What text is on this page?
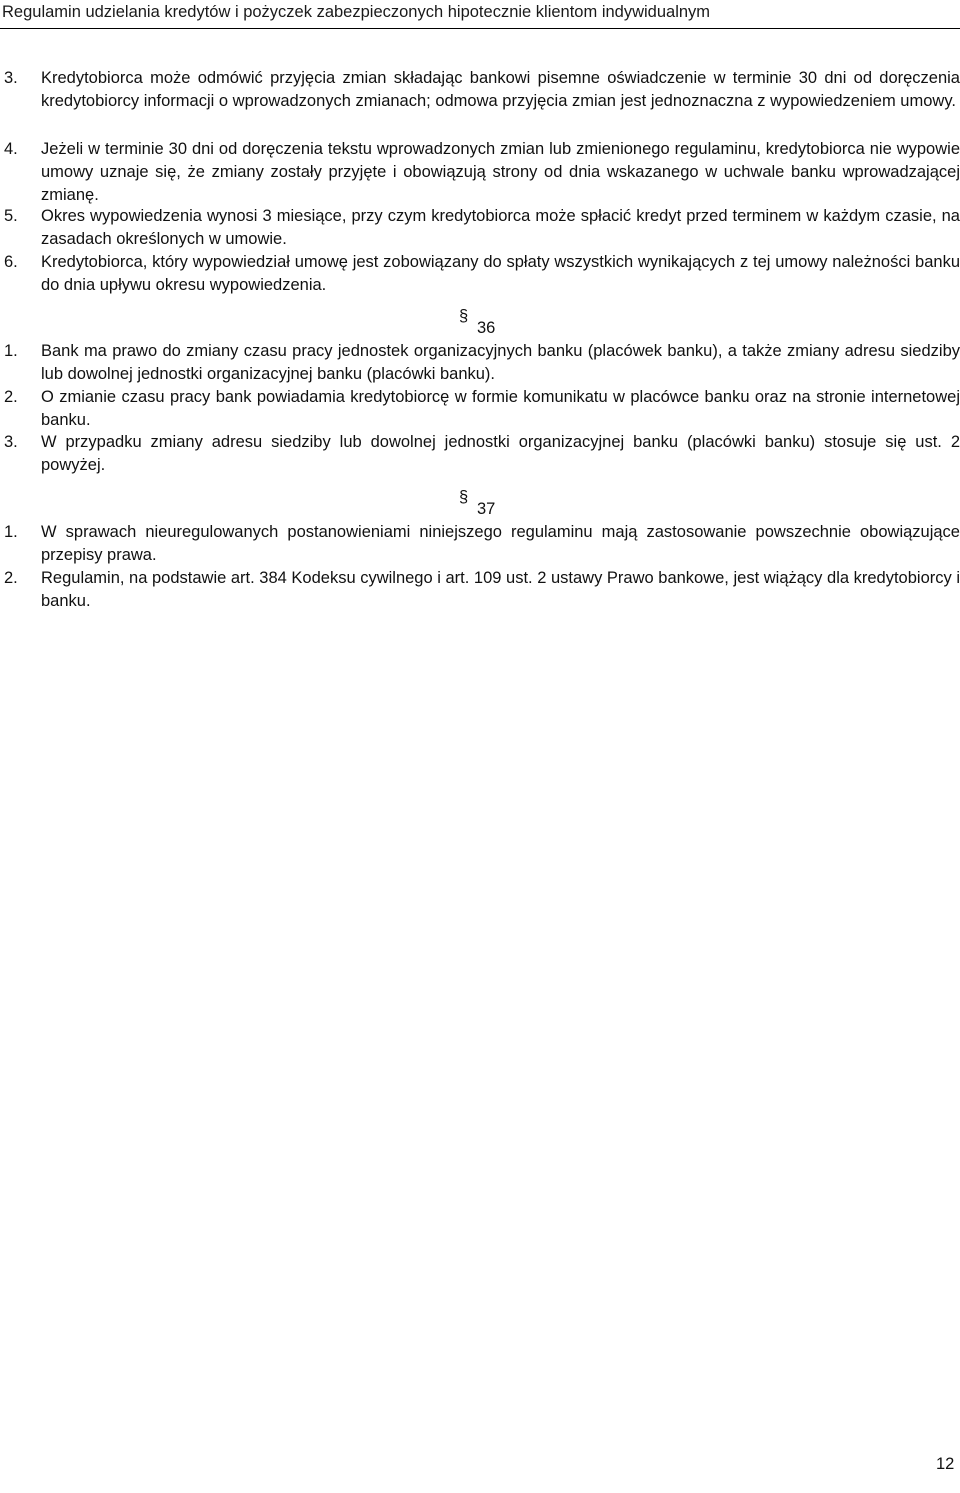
Regulamin udzielania kredytów i pożyczek zabezpieczonych hipotecznie klientom indywidualnym
3. Kredytobiorca może odmówić przyjęcia zmian składając bankowi pisemne oświadczenie w terminie 30 dni od doręczenia kredytobiorcy informacji o wprowadzonych zmianach; odmowa przyjęcia zmian jest jednoznaczna z wypowiedzeniem umowy.
4. Jeżeli w terminie 30 dni od doręczenia tekstu wprowadzonych zmian lub zmienionego regulaminu, kredytobiorca nie wypowie umowy uznaje się, że zmiany zostały przyjęte i obowiązują strony od dnia wskazanego w uchwale banku wprowadzającej zmianę.
5. Okres wypowiedzenia wynosi 3 miesiące, przy czym kredytobiorca może spłacić kredyt przed terminem w każdym czasie, na zasadach określonych w umowie.
6. Kredytobiorca, który wypowiedział umowę jest zobowiązany do spłaty wszystkich wynikających z tej umowy należności banku do dnia upływu okresu wypowiedzenia.
§
36
1. Bank ma prawo do zmiany czasu pracy jednostek organizacyjnych banku (placówek banku), a także zmiany adresu siedziby lub dowolnej jednostki organizacyjnej banku (placówki banku).
2. O zmianie czasu pracy bank powiadamia kredytobiorcę w formie komunikatu w placówce banku oraz na stronie internetowej banku.
3. W przypadku zmiany adresu siedziby lub dowolnej jednostki organizacyjnej banku (placówki banku) stosuje się ust. 2 powyżej.
§
37
1. W sprawach nieuregulowanych postanowieniami niniejszego regulaminu mają zastosowanie powszechnie obowiązujące przepisy prawa.
2. Regulamin, na podstawie art. 384 Kodeksu cywilnego i art. 109 ust. 2 ustawy Prawo bankowe, jest wiążący dla kredytobiorcy i banku.
12
